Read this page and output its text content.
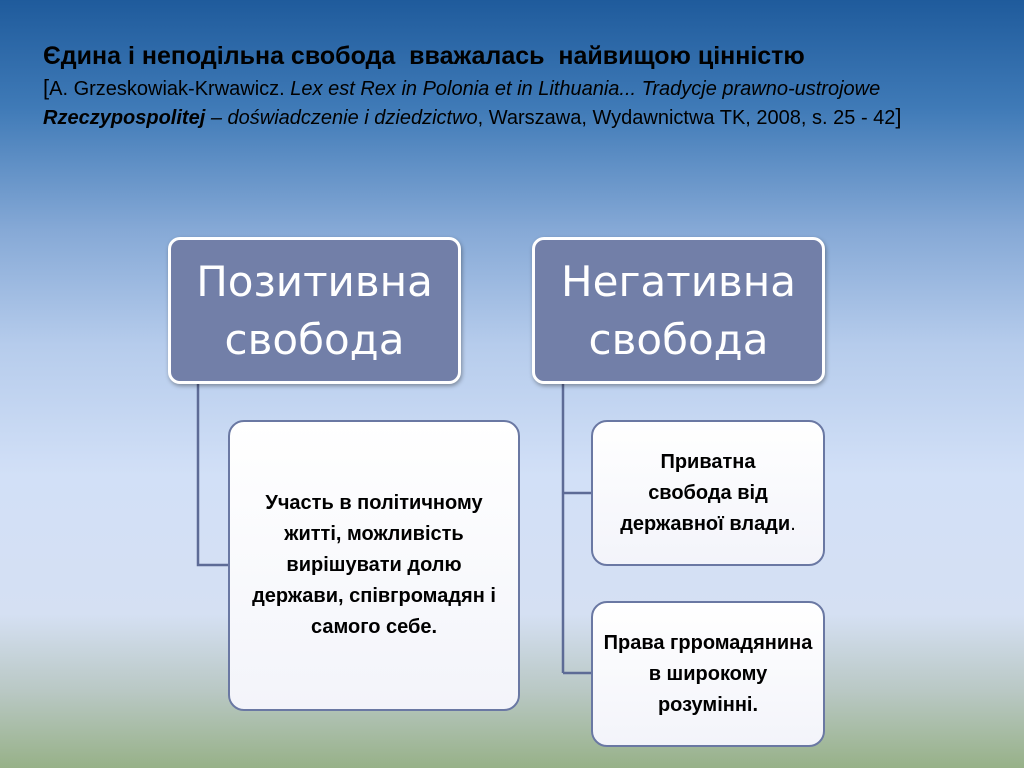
Єдина і неподільна свобода  вважалась  найвищою цінністю
[A. Grzeskowiak-Krwawicz. Lex est Rex in Polonia et in Lithuania... Tradycje prawno-ustrojowe Rzeczypospolitej – doświadczenie i dziedzictwo, Warszawa, Wydawnictwa TK, 2008, s. 25 - 42]
Позитивна
свобода
Негативна
свобода
Участь в політичному житті, можливість вирішувати долю держави, співгромадян і самого себе.
Приватна свобода від державної влади.
Права грромадянина в широкому розумінні.
